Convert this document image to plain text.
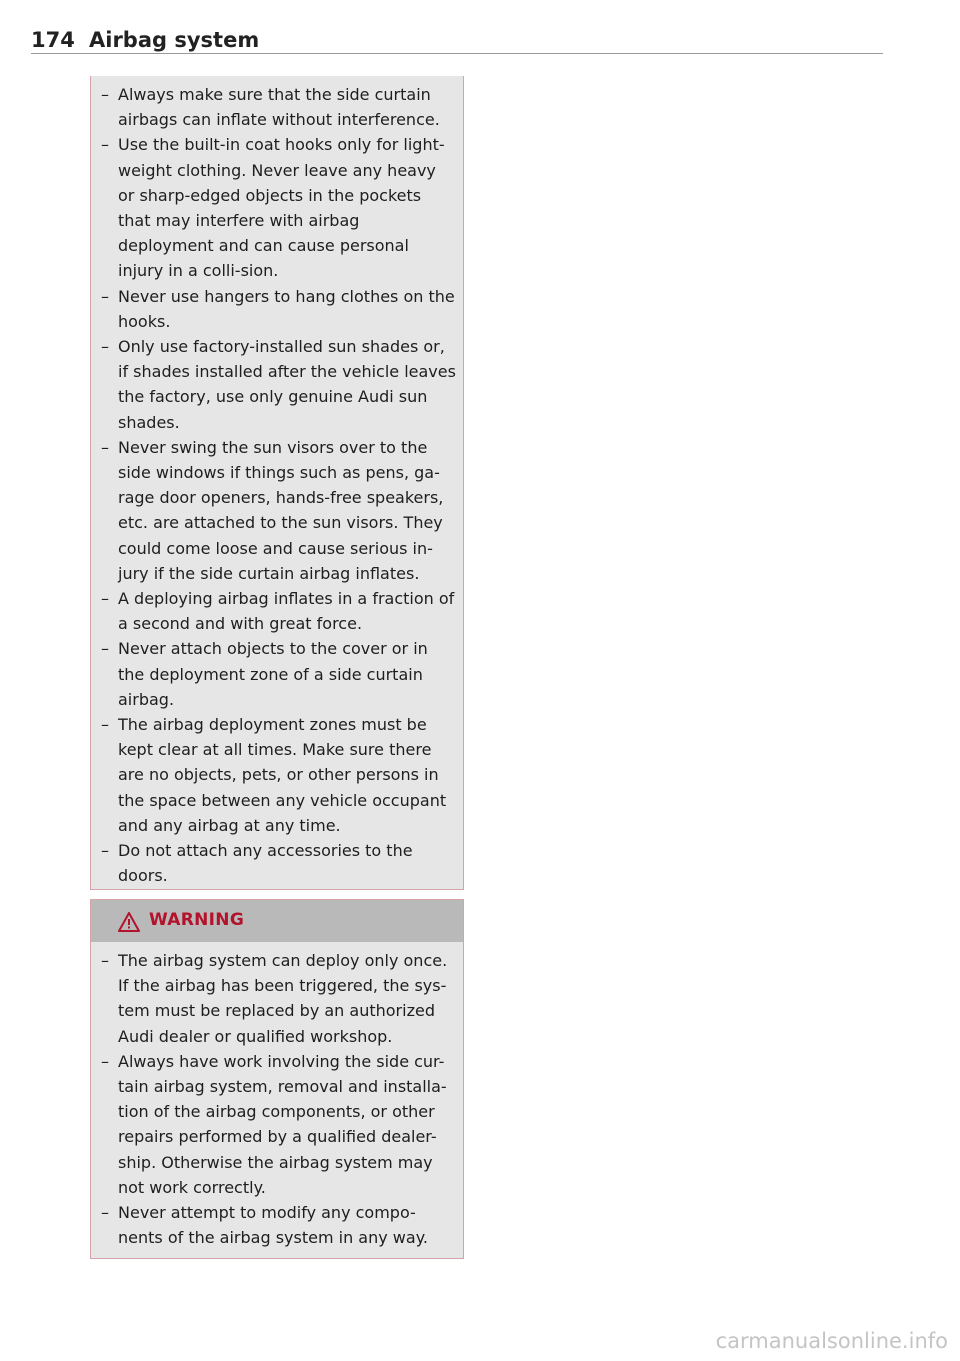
174 Airbag system
– Always make sure that the side curtain airbags can inflate without interference.
– Use the built-in coat hooks only for light-weight clothing. Never leave any heavy or sharp-edged objects in the pockets that may interfere with airbag deployment and can cause personal injury in a colli-sion.
– Never use hangers to hang clothes on the hooks.
– Only use factory-installed sun shades or, if shades installed after the vehicle leaves the factory, use only genuine Audi sun shades.
– Never swing the sun visors over to the side windows if things such as pens, ga-rage door openers, hands-free speakers, etc. are attached to the sun visors. They could come loose and cause serious in-jury if the side curtain airbag inflates.
– A deploying airbag inflates in a fraction of a second and with great force.
– Never attach objects to the cover or in the deployment zone of a side curtain airbag.
– The airbag deployment zones must be kept clear at all times. Make sure there are no objects, pets, or other persons in the space between any vehicle occupant and any airbag at any time.
– Do not attach any accessories to the doors.
WARNING
– The airbag system can deploy only once. If the airbag has been triggered, the sys-tem must be replaced by an authorized Audi dealer or qualified workshop.
– Always have work involving the side cur-tain airbag system, removal and installa-tion of the airbag components, or other repairs performed by a qualified dealer-ship. Otherwise the airbag system may not work correctly.
– Never attempt to modify any compo-nents of the airbag system in any way.
carmanualsonline.info
